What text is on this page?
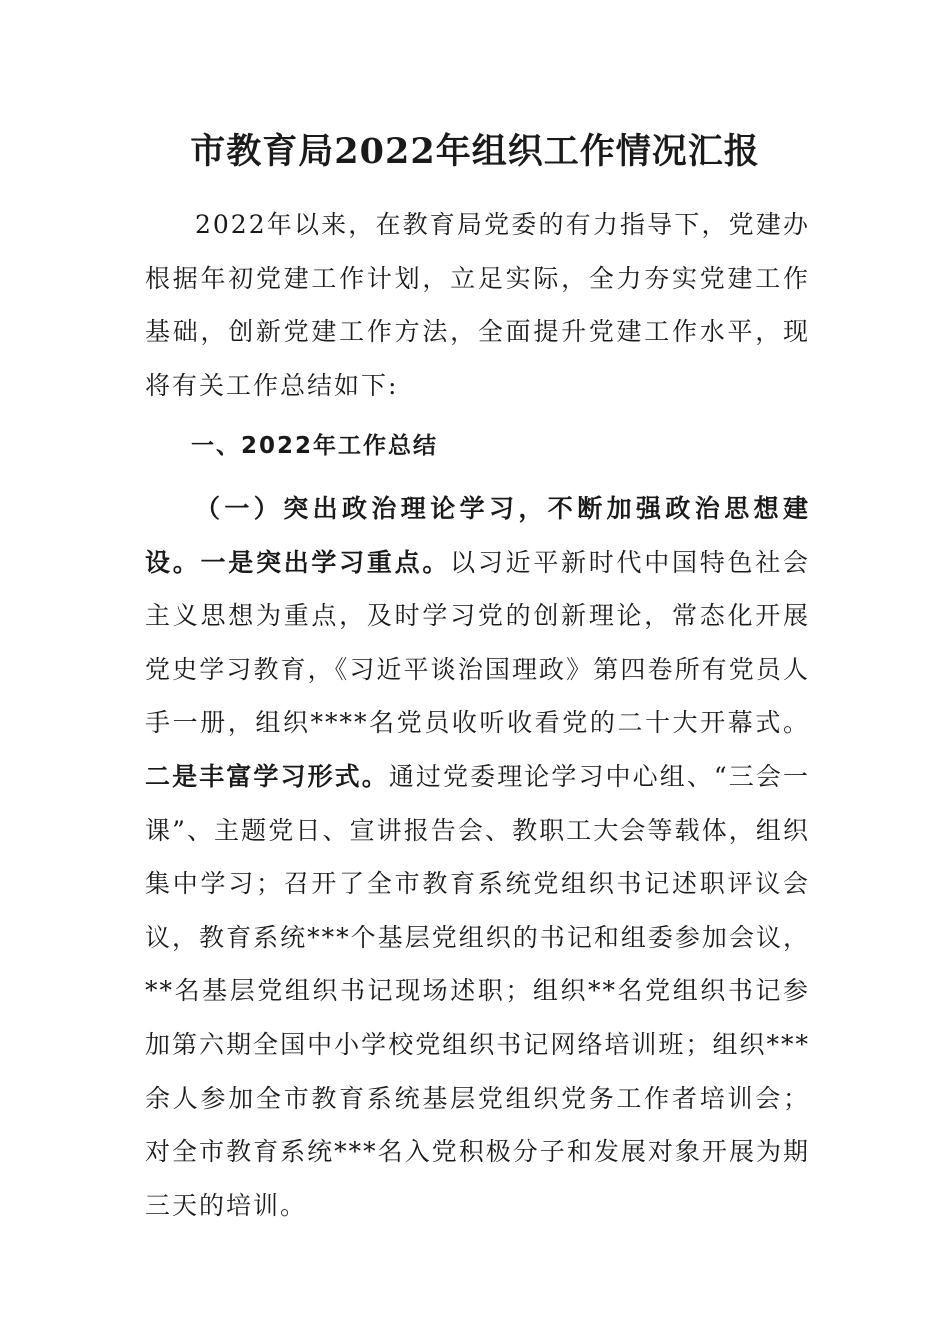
市教育局2022年组织工作情况汇报

2022年以来，在教育局党委的有力指导下，党建办根据年初党建工作计划，立足实际，全力夯实党建工作基础，创新党建工作方法，全面提升党建工作水平，现将有关工作总结如下:

一、2022年工作总结

（一）突出政治理论学习，不断加强政治思想建设。一是突出学习重点。以习近平新时代中国特色社会主义思想为重点，及时学习党的创新理论，常态化开展党史学习教育，《习近平谈治国理政》第四卷所有党员人手一册，组织****名党员收听收看党的二十大开幕式。二是丰富学习形式。通过党委理论学习中心组、“三会一课”、主题党日、宣讲报告会、教职工大会等载体，组织集中学习；召开了全市教育系统党组织书记述职评议会议，教育系统***个基层党组织的书记和组委参加会议，**名基层党组织书记现场述职；组织**名党组织书记参加第六期全国中小学校党组织书记网络培训班；组织***余人参加全市教育系统基层党组织党务工作者培训会；对全市教育系统***名入党积极分子和发展对象开展为期三天的培训。
